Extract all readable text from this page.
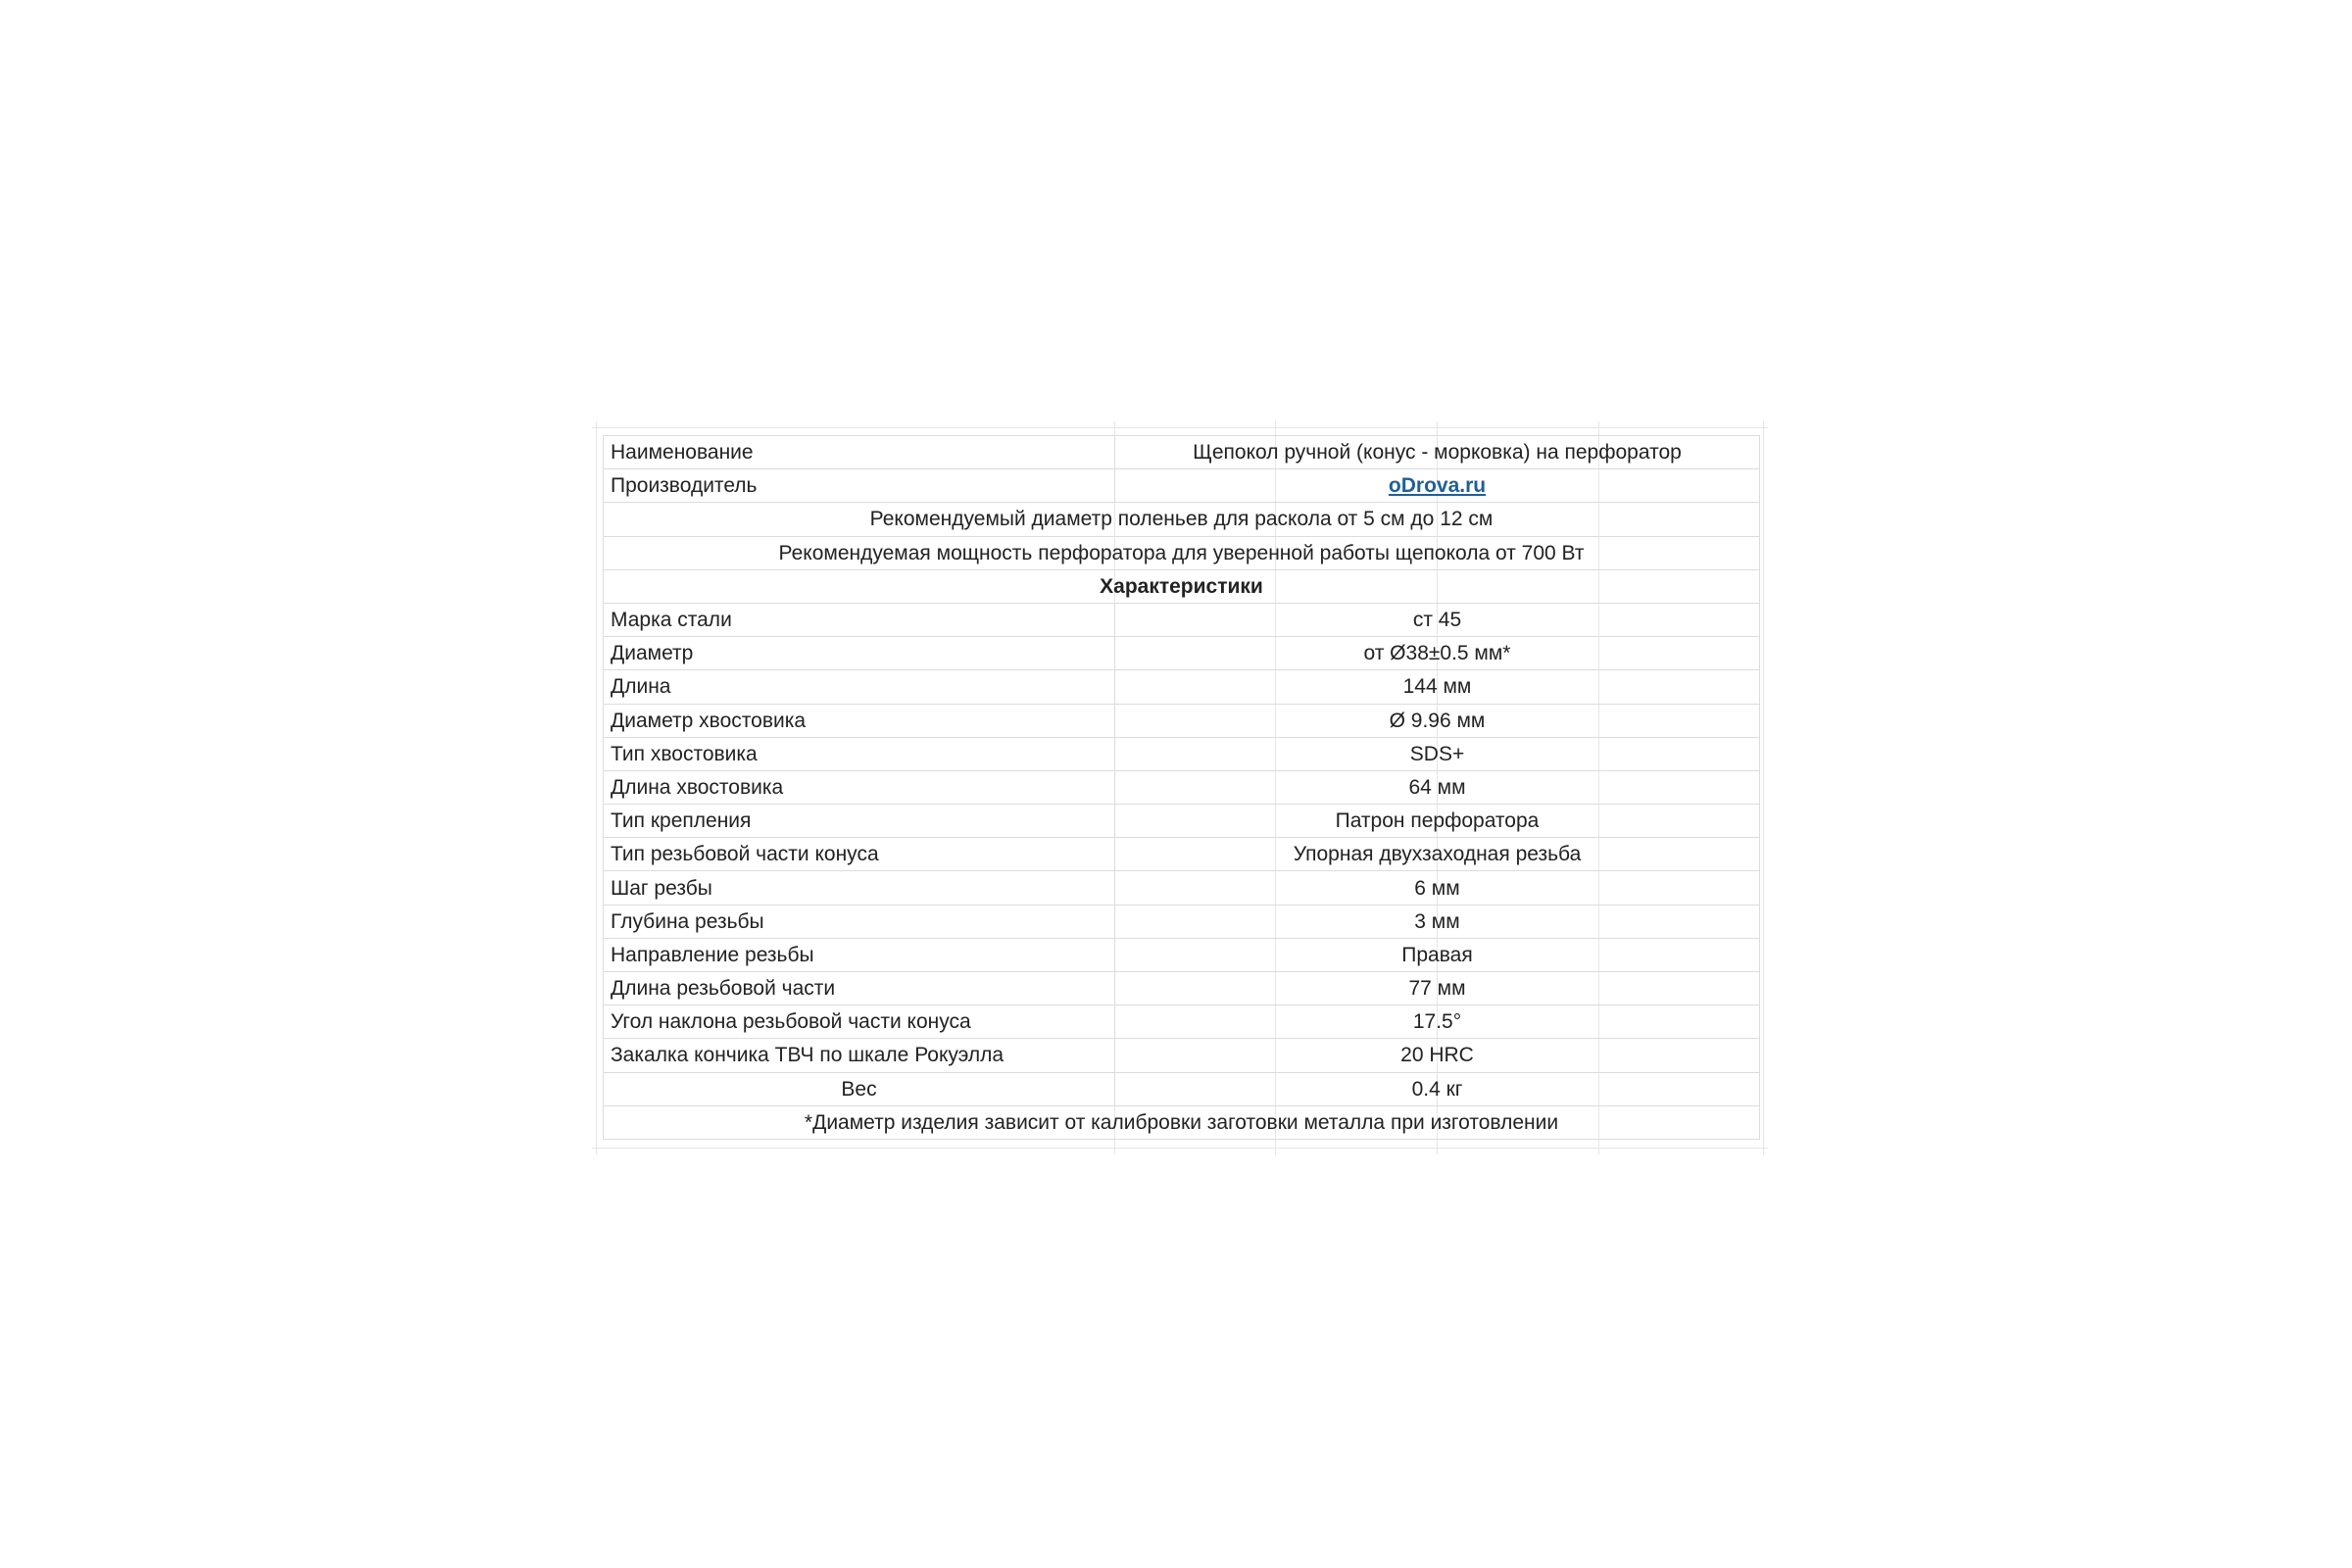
Наименование	Щепокол ручной (конус - морковка) на перфоратор
Производитель	oDrova.ru
Рекомендуемый диаметр поленьев для раскола от 5 см до 12 см	
Рекомендуемая мощность перфоратора для уверенной работы щепокола от 700 Вт	
Характеристики	
Марка стали	ст 45
Диаметр	от Ø38±0.5 мм*
Длина	144 мм
Диаметр хвостовика	Ø 9.96 мм
Тип хвостовика	SDS+
Длина хвостовика	64 мм
Тип крепления	Патрон перфоратора
Тип резьбовой части конуса	Упорная двухзаходная резьба
Шаг резбы	6 мм
Глубина резьбы	3 мм
Направление резьбы	Правая
Длина резьбовой части	77 мм
Угол наклона резьбовой части конуса	17.5°
Закалка кончика ТВЧ по шкале Рокуэлла	20 HRC
Вес	0.4 кг
*Диаметр изделия зависит от калибровки заготовки металла при изготовлении	
